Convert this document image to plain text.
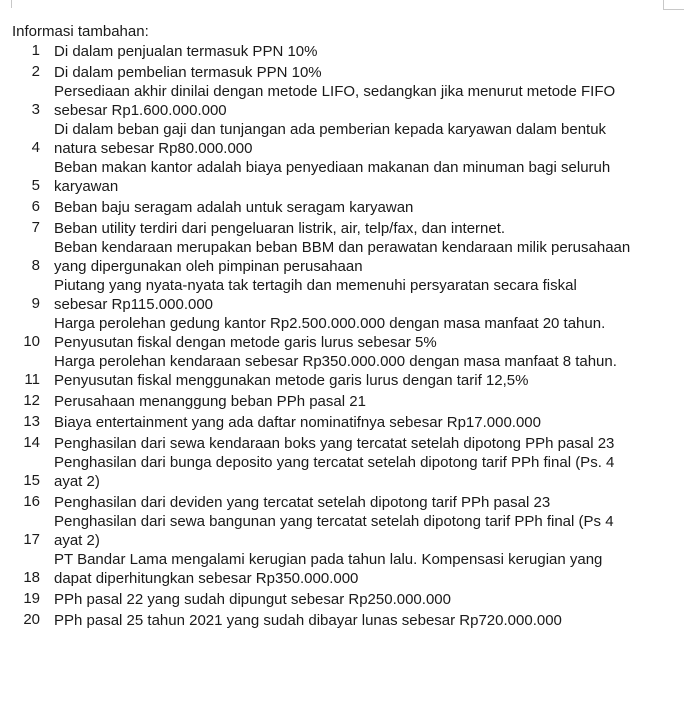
Informasi tambahan:
1 Di dalam penjualan termasuk PPN 10%
2 Di dalam pembelian termasuk PPN 10%
3
Persediaan akhir dinilai dengan metode LIFO, sedangkan jika menurut metode FIFO
sebesar Rp1.600.000.000
4
Di dalam beban gaji dan tunjangan ada pemberian kepada karyawan dalam bentuk
natura sebesar Rp80.000.000
5
Beban makan kantor adalah biaya penyediaan makanan dan minuman bagi seluruh
karyawan
6 Beban baju seragam adalah untuk seragam karyawan
7 Beban utility terdiri dari pengeluaran listrik, air, telp/fax, dan internet.
8
Beban kendaraan merupakan beban BBM dan perawatan kendaraan milik perusahaan
yang dipergunakan oleh pimpinan perusahaan
9
Piutang yang nyata-nyata tak tertagih dan memenuhi persyaratan secara fiskal
sebesar Rp115.000.000
10
Harga perolehan gedung kantor Rp2.500.000.000 dengan masa manfaat 20 tahun.
Penyusutan fiskal dengan metode garis lurus sebesar 5%
11
Harga perolehan kendaraan sebesar Rp350.000.000 dengan masa manfaat 8 tahun.
Penyusutan fiskal menggunakan metode garis lurus dengan tarif 12,5%
12 Perusahaan menanggung beban PPh pasal 21
13 Biaya entertainment yang ada daftar nominatifnya sebesar Rp17.000.000
14 Penghasilan dari sewa kendaraan boks yang tercatat setelah dipotong PPh pasal 23
15
Penghasilan dari bunga deposito yang tercatat setelah dipotong tarif PPh final (Ps. 4
ayat 2)
16 Penghasilan dari deviden yang tercatat setelah dipotong tarif PPh pasal 23
17
Penghasilan dari sewa bangunan yang tercatat setelah dipotong tarif PPh final (Ps 4
ayat 2)
18
PT Bandar Lama mengalami kerugian pada tahun lalu. Kompensasi kerugian yang
dapat diperhitungkan sebesar Rp350.000.000
19 PPh pasal 22 yang sudah dipungut sebesar Rp250.000.000
20 PPh pasal 25 tahun 2021 yang sudah dibayar lunas sebesar Rp720.000.000
